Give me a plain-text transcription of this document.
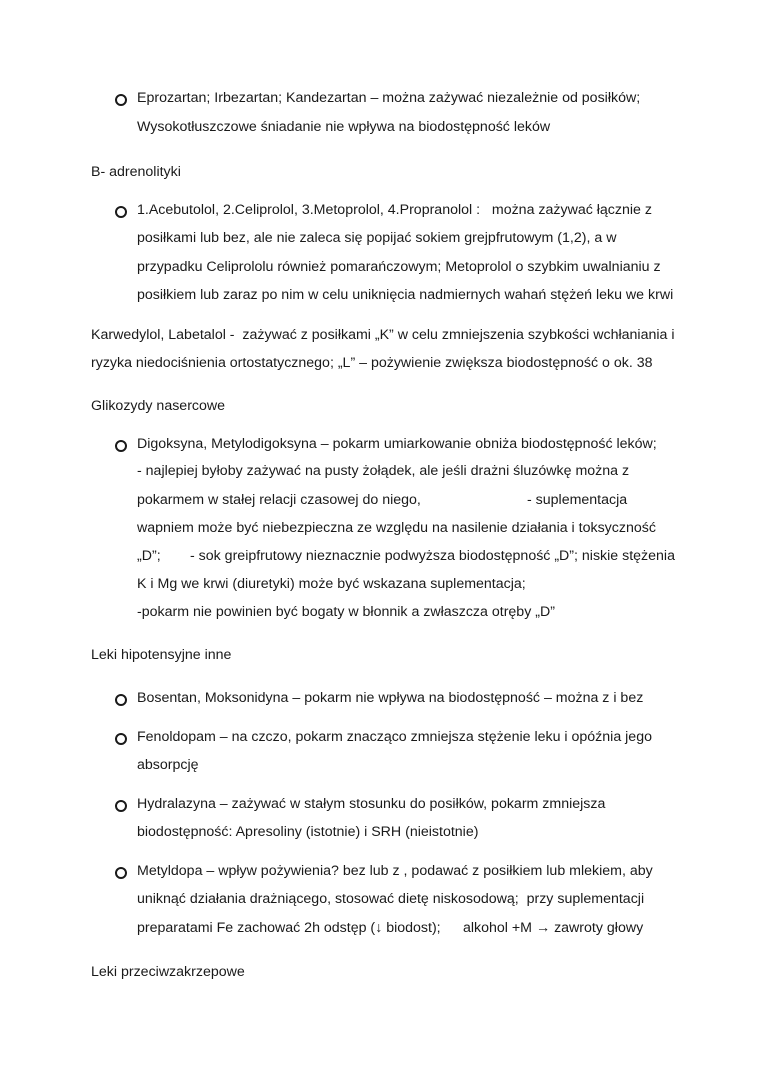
Eprozartan; Irbezartan; Kandezartan – można zażywać niezależnie od posiłków;
Wysokotłuszczowe śniadanie nie wpływa na biodostępność leków
B- adrenolityki
1.Acebutolol, 2.Celiprolol, 3.Metoprolol, 4.Propranolol :   można zażywać łącznie z
posiłkami lub bez, ale nie zaleca się popijać sokiem grejpfrutowym (1,2), a w
przypadku Celiprololu również pomarańczowym; Metoprolol o szybkim uwalnianiu z
posiłkiem lub zaraz po nim w celu uniknięcia nadmiernych wahań stężeń leku we krwi
Karwedylol, Labetalol -  zażywać z posiłkami „K” w celu zmniejszenia szybkości wchłaniania i
ryzyka niedociśnienia ortostatycznego; „L” – pożywienie zwiększa biodostępność o ok. 38
Glikozydy nasercowe
Digoksyna, Metylodigoksyna – pokarm umiarkowanie obniża biodostępność leków;
- najlepiej byłoby zażywać na pusty żołądek, ale jeśli drażni śluzówkę można z
pokarmem w stałej relacji czasowej do niego,	- suplementacja
wapniem może być niebezpieczna ze względu na nasilenie działania i toksyczność
„D”; - sok greipfrutowy nieznacznie podwyższa biodostępność „D”; niskie stężenia
K i Mg we krwi (diuretyki) może być wskazana suplementacja;
-pokarm nie powinien być bogaty w błonnik a zwłaszcza otręby „D”
Leki hipotensyjne inne
Bosentan, Moksonidyna – pokarm nie wpływa na biodostępność – można z i bez
Fenoldopam – na czczo, pokarm znacząco zmniejsza stężenie leku i opóźnia jego
absorpcję
Hydralazyna – zażywać w stałym stosunku do posiłków, pokarm zmniejsza
biodostępność: Apresoliny (istotnie) i SRH (nieistotnie)
Metyldopa – wpływ pożywienia? bez lub z , podawać z posiłkiem lub mlekiem, aby
uniknąć działania drażniącego, stosować dietę niskosodową;  przy suplementacji
preparatami Fe zachować 2h odstęp (↓ biodost); alkohol +M → zawroty głowy
Leki przeciwzakrzepowe
